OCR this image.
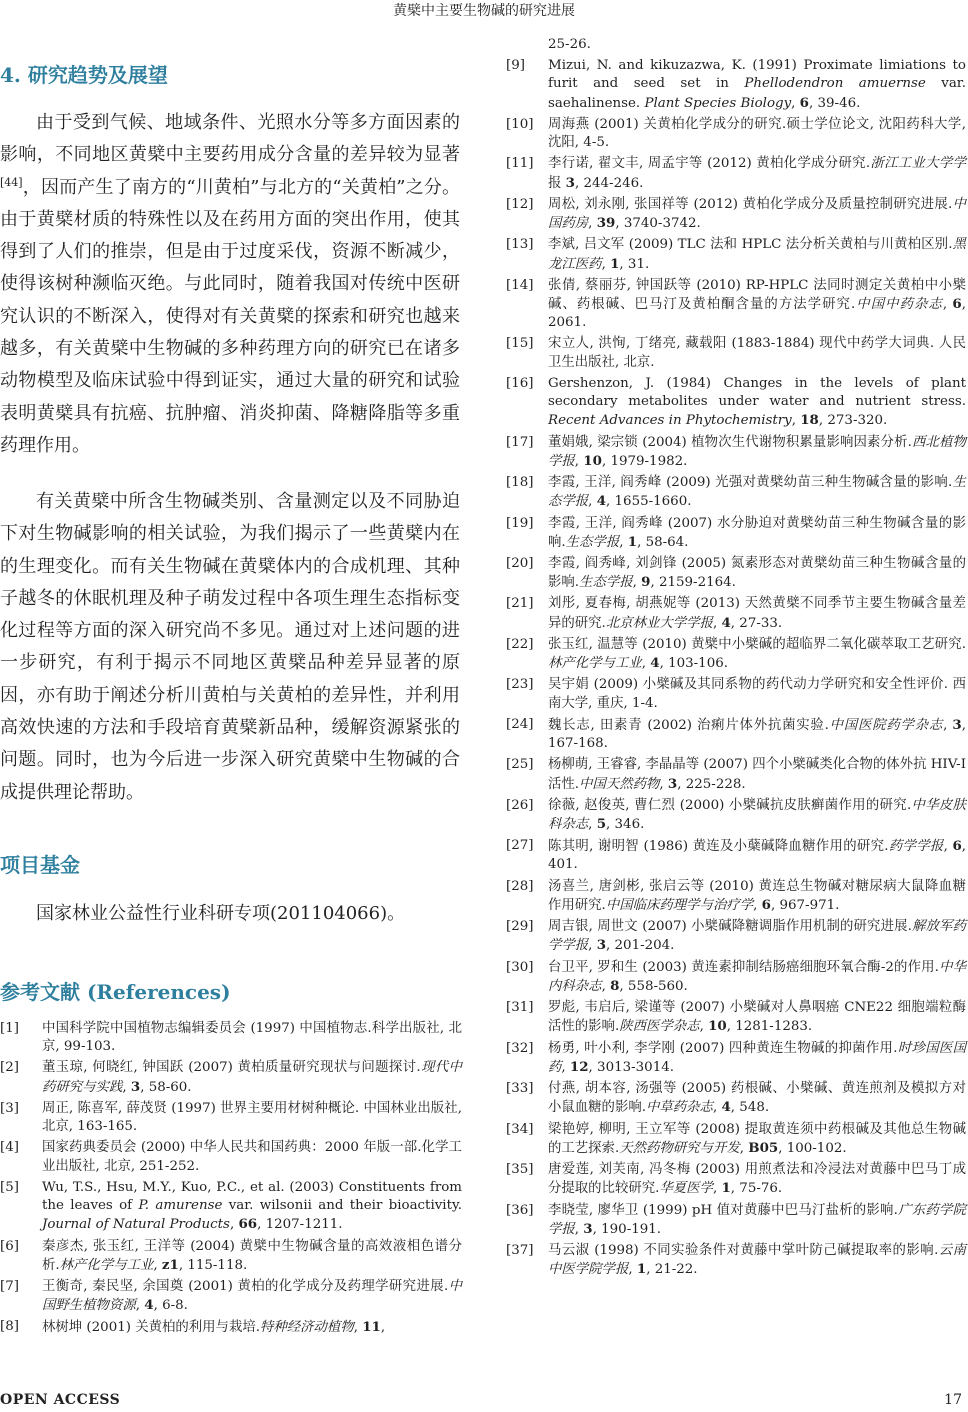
黄檗中主要生物碱的研究进展
4. 研究趋势及展望

由于受到气候、地域条件、光照水分等多方面因素的影响，不同地区黄檗中主要药用成分含量的差异较为显著[44]，因而产生了南方的“川黄柏”与北方的“关黄柏”之分。由于黄檗材质的特殊性以及在药用方面的突出作用，使其得到了人们的推崇，但是由于过度采伐，资源不断减少，使得该树种濒临灭绝。与此同时，随着我国对传统中医研究认识的不断深入，使得对有关黄檗的探索和研究也越来越多，有关黄檗中生物碱的多种药理方向的研究已在诸多动物模型及临床试验中得到证实，通过大量的研究和试验表明黄檗具有抗癌、抗肿瘤、消炎抑菌、降糖降脂等多重药理作用。

有关黄檗中所含生物碱类别、含量测定以及不同胁迫下对生物碱影响的相关试验，为我们揭示了一些黄檗内在的生理变化。而有关生物碱在黄檗体内的合成机理、其种子越冬的休眠机理及种子萌发过程中各项生理生态指标变化过程等方面的深入研究尚不多见。通过对上述问题的进一步研究，有利于揭示不同地区黄檗品种差异显著的原因，亦有助于阐述分析川黄柏与关黄柏的差异性，并利用高效快速的方法和手段培育黄檗新品种，缓解资源紧张的问题。同时，也为今后进一步深入研究黄檗中生物碱的合成提供理论帮助。

项目基金

国家林业公益性行业科研专项(201104066)。

参考文献 (References)
[1] 中国科学院中国植物志编辑委员会 (1997) 中国植物志.科学出版社, 北京, 99-103.
[2] 董玉琼, 何晓红, 钟国跃 (2007) 黄柏质量研究现状与问题探讨.现代中药研究与实践, 3, 58-60.
[3] 周正, 陈喜军, 薛茂贤 (1997) 世界主要用材树种概论. 中国林业出版社, 北京, 163-165.
[4] 国家药典委员会 (2000) 中华人民共和国药典：2000 年版一部.化学工业出版社, 北京, 251-252.
[5] Wu, T.S., Hsu, M.Y., Kuo, P.C., et al. (2003) Constituents from the leaves of P. amurense var. wilsonii and their bioactivity. Journal of Natural Products, 66, 1207-1211.
[6] 秦彦杰, 张玉红, 王洋等 (2004) 黄檗中生物碱含量的高效液相色谱分析.林产化学与工业, z1, 115-118.
[7] 王衡奇, 秦民坚, 余国奠 (2001) 黄柏的化学成分及药理学研究进展.中国野生植物资源, 4, 6-8.
[8] 林树坤 (2001) 关黄柏的利用与栽培.特种经济动植物, 11,
25-26.
[9] Mizui, N. and kikuzazwa, K. (1991) Proximate limiations to furit and seed set in Phellodendron amuernse var. saehalinense. Plant Species Biology, 6, 39-46.
[10] 周海燕 (2001) 关黄柏化学成分的研究.硕士学位论文, 沈阳药科大学, 沈阳, 4-5.
[11] 李行诺, 翟文丰, 周孟宇等 (2012) 黄柏化学成分研究.浙江工业大学学报 3, 244-246.
[12] 周松, 刘永刚, 张国祥等 (2012) 黄柏化学成分及质量控制研究进展.中国药房, 39, 3740-3742.
[13] 李斌, 吕文军 (2009) TLC 法和 HPLC 法分析关黄柏与川黄柏区别.黑龙江医药, 1, 31.
[14] 张倩, 蔡丽芬, 钟国跃等 (2010) RP-HPLC 法同时测定关黄柏中小檗碱、药根碱、巴马汀及黄柏酮含量的方法学研究.中国中药杂志, 6, 2061.
[15] 宋立人, 洪恂, 丁绪亮, 藏载阳 (1883-1884) 现代中药学大词典. 人民卫生出版社, 北京.
[16] Gershenzon, J. (1984) Changes in the levels of plant secondary metabolites under water and nutrient stress. Recent Advances in Phytochemistry, 18, 273-320.
[17] 董娟娥, 梁宗锁 (2004) 植物次生代谢物积累量影响因素分析.西北植物学报, 10, 1979-1982.
[18] 李霞, 王洋, 阎秀峰 (2009) 光强对黄檗幼苗三种生物碱含量的影响.生态学报, 4, 1655-1660.
[19] 李霞, 王洋, 阎秀峰 (2007) 水分胁迫对黄檗幼苗三种生物碱含量的影响.生态学报, 1, 58-64.
[20] 李霞, 阎秀峰, 刘剑锋 (2005) 氮素形态对黄檗幼苗三种生物碱含量的影响.生态学报, 9, 2159-2164.
[21] 刘彤, 夏春梅, 胡燕妮等 (2013) 天然黄檗不同季节主要生物碱含量差异的研究.北京林业大学学报, 4, 27-33.
[22] 张玉红, 温慧等 (2010) 黄檗中小檗碱的超临界二氧化碳萃取工艺研究.林产化学与工业, 4, 103-106.
[23] 吴宇娟 (2009) 小檗碱及其同系物的药代动力学研究和安全性评价. 西南大学, 重庆, 1-4.
[24] 魏长志, 田素青 (2002) 治痢片体外抗菌实验.中国医院药学杂志, 3, 167-168.
[25] 杨柳萌, 王睿睿, 李晶晶等 (2007) 四个小檗碱类化合物的体外抗 HIV-Ⅰ活性.中国天然药物, 3, 225-228.
[26] 徐薇, 赵俊英, 曹仁烈 (2000) 小檗碱抗皮肤癣菌作用的研究.中华皮肤科杂志, 5, 346.
[27] 陈其明, 谢明智 (1986) 黄连及小蘖碱降血糖作用的研究.药学学报, 6, 401.
[28] 汤喜兰, 唐剑彬, 张启云等 (2010) 黄连总生物碱对糖尿病大鼠降血糖作用研究.中国临床药理学与治疗学, 6, 967-971.
[29] 周吉银, 周世文 (2007) 小檗碱降糖调脂作用机制的研究进展.解放军药学学报, 3, 201-204.
[30] 台卫平, 罗和生 (2003) 黄连素抑制结肠癌细胞环氧合酶-2的作用.中华内科杂志, 8, 558-560.
[31] 罗彪, 韦启后, 梁谨等 (2007) 小檗碱对人鼻咽癌 CNE22 细胞端粒酶活性的影响.陕西医学杂志, 10, 1281-1283.
[32] 杨勇, 叶小利, 李学刚 (2007) 四种黄连生物碱的抑菌作用.时珍国医国药, 12, 3013-3014.
[33] 付燕, 胡本容, 汤强等 (2005) 药根碱、小檗碱、黄连煎剂及模拟方对小鼠血糖的影响.中草药杂志, 4, 548.
[34] 梁艳婷, 柳明, 王立军等 (2008) 提取黄连须中药根碱及其他总生物碱的工艺探索.天然药物研究与开发, B05, 100-102.
[35] 唐爱莲, 刘芙南, 冯冬梅 (2003) 用煎煮法和冷浸法对黄藤中巴马丁成分提取的比较研究.华夏医学, 1, 75-76.
[36] 李晓莹, 廖华卫 (1999) pH 值对黄藤中巴马汀盐析的影响.广东药学院学报, 3, 190-191.
[37] 马云淑 (1998) 不同实验条件对黄藤中掌叶防己碱提取率的影响.云南中医学院学报, 1, 21-22.
OPEN ACCESS	17
